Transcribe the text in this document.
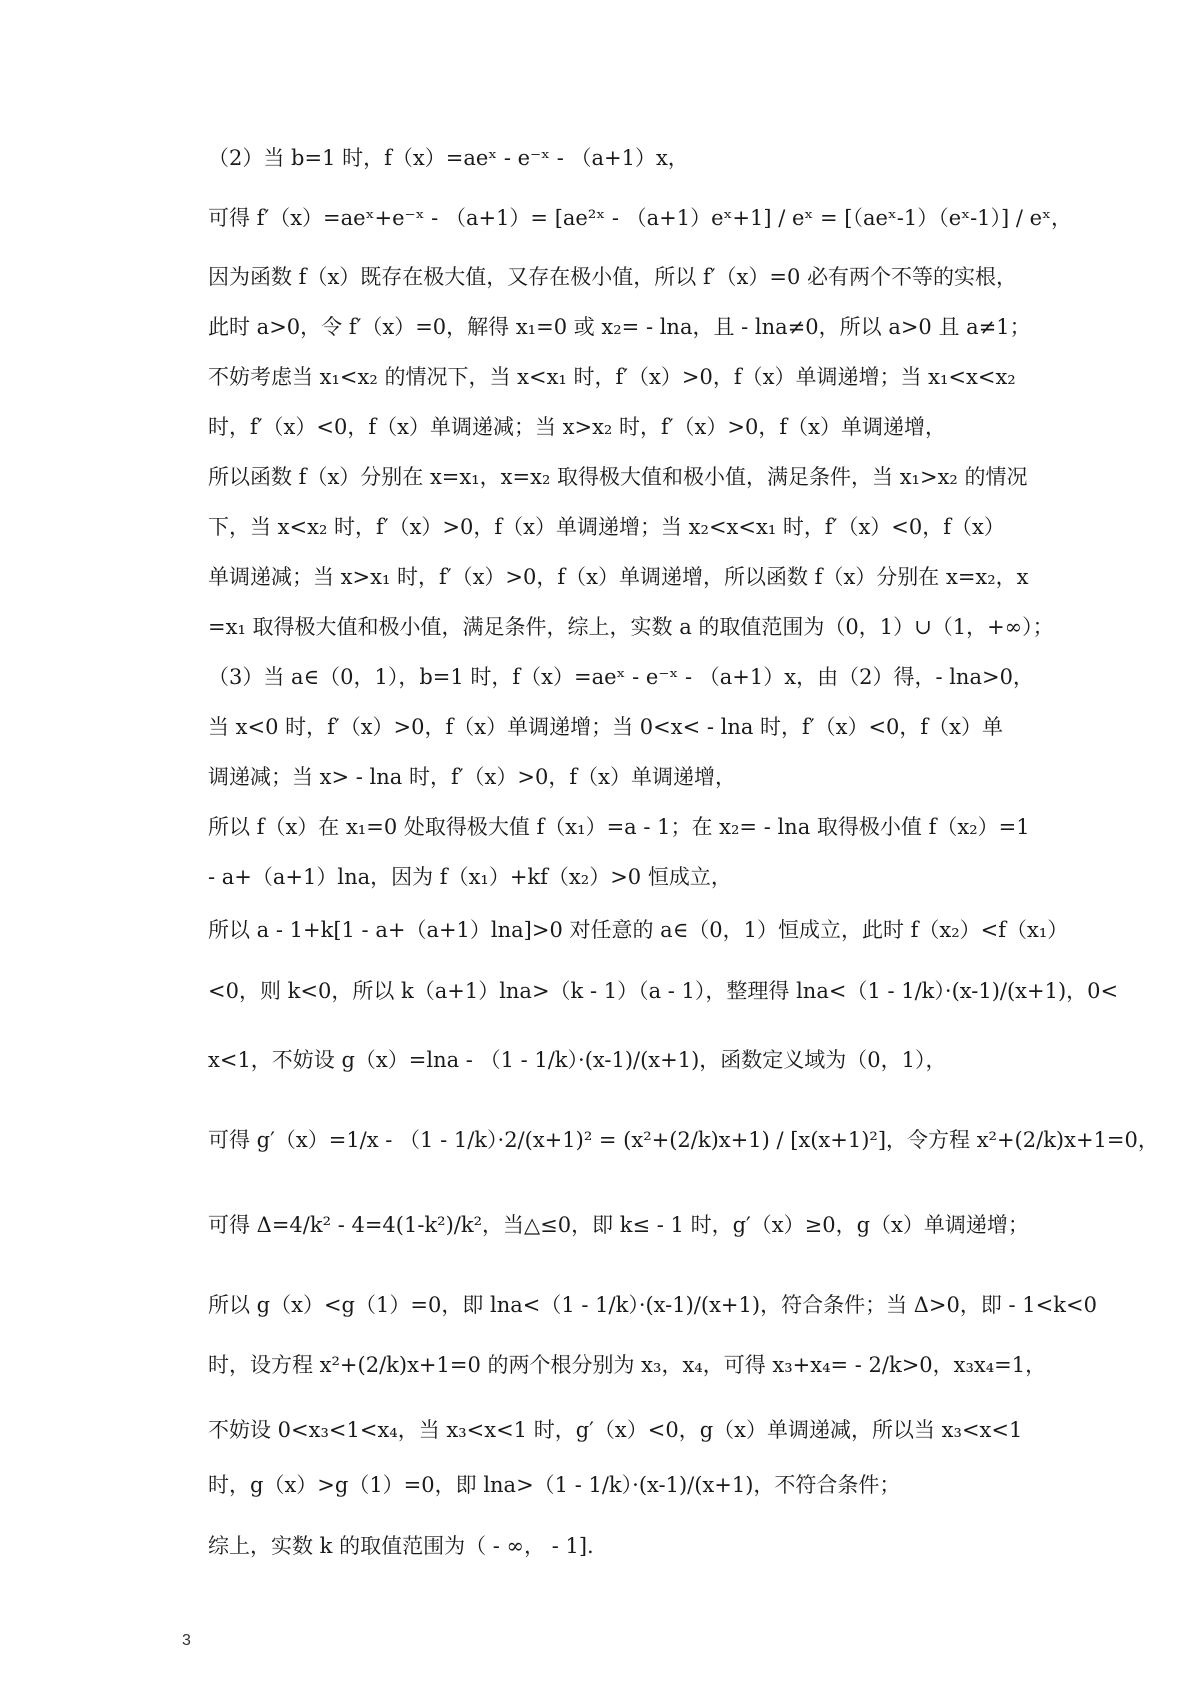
（2）当 b=1 时，f（x）=aeˣ - e⁻ˣ - （a+1）x，
可得 f′（x）=aeˣ+e⁻ˣ - （a+1）= [ae²ˣ - （a+1）eˣ+1] / eˣ = [（aeˣ-1）（eˣ-1）] / eˣ，
因为函数 f（x）既存在极大值，又存在极小值，所以 f′（x）=0 必有两个不等的实根，
此时 a>0，令 f′（x）=0，解得 x₁=0 或 x₂= - lna，且 - lna≠0，所以 a>0 且 a≠1；
不妨考虑当 x₁<x₂ 的情况下，当 x<x₁ 时，f′（x）>0，f（x）单调递增；当 x₁<x<x₂
时，f′（x）<0，f（x）单调递减；当 x>x₂ 时，f′（x）>0，f（x）单调递增，
所以函数 f（x）分别在 x=x₁，x=x₂ 取得极大值和极小值，满足条件，当 x₁>x₂ 的情况
下，当 x<x₂ 时，f′（x）>0，f（x）单调递增；当 x₂<x<x₁ 时，f′（x）<0，f（x）
单调递减；当 x>x₁ 时，f′（x）>0，f（x）单调递增，所以函数 f（x）分别在 x=x₂，x
=x₁ 取得极大值和极小值，满足条件，综上，实数 a 的取值范围为（0，1）∪（1，+∞）；
（3）当 a∈（0，1），b=1 时，f（x）=aeˣ - e⁻ˣ - （a+1）x，由（2）得，- lna>0，
当 x<0 时，f′（x）>0，f（x）单调递增；当 0<x< - lna 时，f′（x）<0，f（x）单
调递减；当 x> - lna 时，f′（x）>0，f（x）单调递增，
所以 f（x）在 x₁=0 处取得极大值 f（x₁）=a - 1；在 x₂= - lna 取得极小值 f（x₂）=1
- a+（a+1）lna，因为 f（x₁）+kf（x₂）>0 恒成立，
所以 a - 1+k[1 - a+（a+1）lna]>0 对任意的 a∈（0，1）恒成立，此时 f（x₂）<f（x₁）
<0，则 k<0，所以 k（a+1）lna>（k - 1）（a - 1），整理得 lna<（1 - 1/k）·(x-1)/(x+1)，0<
x<1，不妨设 g（x）=lna - （1 - 1/k）·(x-1)/(x+1)，函数定义域为（0，1），
可得 g′（x）=1/x - （1 - 1/k）·2/(x+1)² = (x²+(2/k)x+1) / [x(x+1)²]，令方程 x²+(2/k)x+1=0，
可得 Δ=4/k² - 4=4(1-k²)/k²，当△≤0，即 k≤ - 1 时，g′（x）≥0，g（x）单调递增；
所以 g（x）<g（1）=0，即 lna<（1 - 1/k）·(x-1)/(x+1)，符合条件；当 Δ>0，即 - 1<k<0
时，设方程 x²+(2/k)x+1=0 的两个根分别为 x₃，x₄，可得 x₃+x₄= - 2/k>0，x₃x₄=1，
不妨设 0<x₃<1<x₄，当 x₃<x<1 时，g′（x）<0，g（x）单调递减，所以当 x₃<x<1
时，g（x）>g（1）=0，即 lna>（1 - 1/k）·(x-1)/(x+1)，不符合条件；
综上，实数 k 的取值范围为（ - ∞， - 1].
3
